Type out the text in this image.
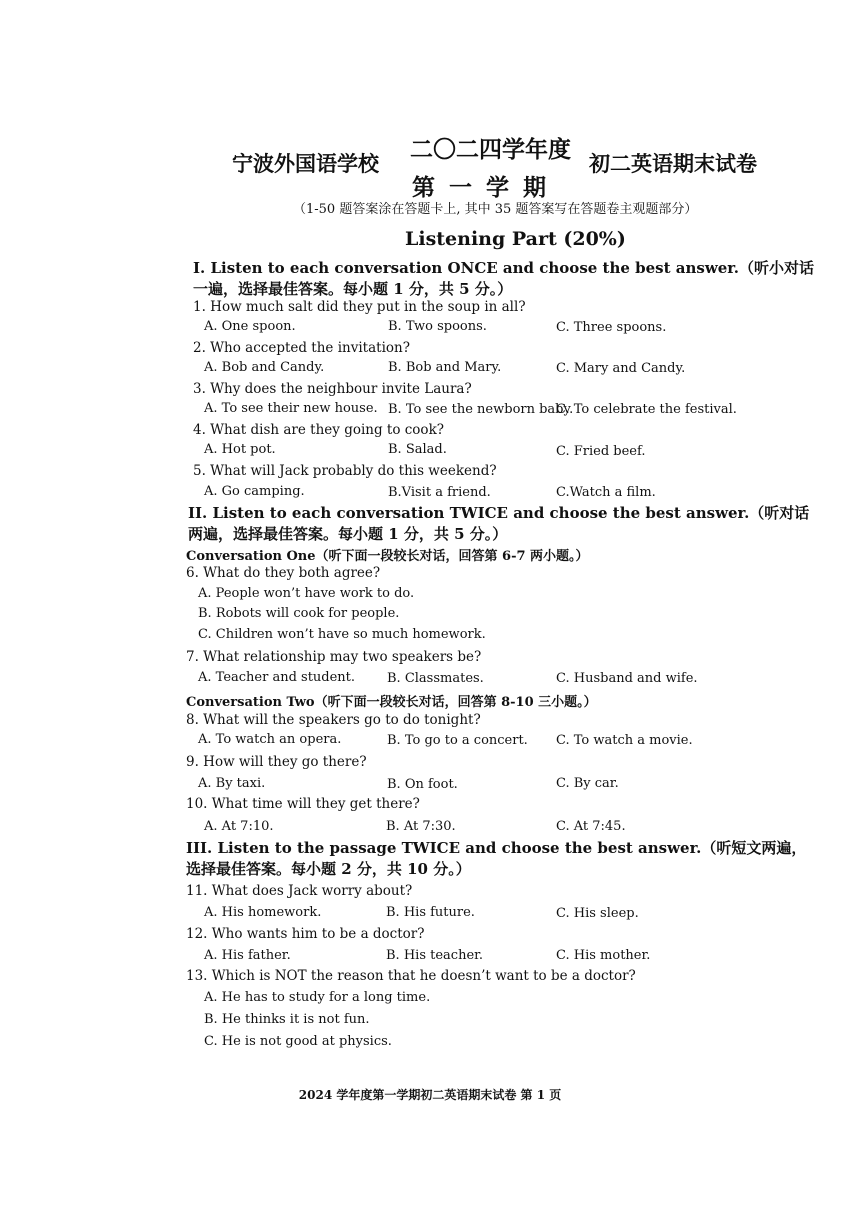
宁波外国语学校
二〇二四学年度
第一学期
初二英语期末试卷
（1-50 题答案涂在答题卡上, 其中 35 题答案写在答题卷主观题部分）
Listening Part (20%)
I. Listen to each conversation ONCE and choose the best answer.（听小对话一遍，选择最佳答案。每小题 1 分，共 5 分。）
1. How much salt did they put in the soup in all?
A. One spoon.	B. Two spoons.	C. Three spoons.
2. Who accepted the invitation?
A. Bob and Candy.	B. Bob and Mary.	C. Mary and Candy.
3. Why does the neighbour invite Laura?
A. To see their new house. B. To see the newborn baby.
C. To celebrate the festival.
4. What dish are they going to cook?
A. Hot pot.	B. Salad.	C. Fried beef.
5. What will Jack probably do this weekend?
A. Go camping.	B.Visit a friend.	C.Watch a film.
II. Listen to each conversation TWICE and choose the best answer.（听对话两遍，选择最佳答案。每小题 1 分，共 5 分。）
Conversation One（听下面一段较长对话，回答第 6-7 两小题。）
6. What do they both agree?
A. People won’t have work to do.
B. Robots will cook for people.
C. Children won’t have so much homework.
7. What relationship may two speakers be?
A. Teacher and student. B. Classmates.	C. Husband and wife.
Conversation Two（听下面一段较长对话，回答第 8-10 三小题。）
8. What will the speakers go to do tonight?
A. To watch an opera.	B. To go to a concert. C. To watch a movie.
9. How will they go there?
A. By taxi.	B. On foot.	C. By car.
10. What time will they get there?
A. At 7:10.	B. At 7:30.	C. At 7:45.
III. Listen to the passage TWICE and choose the best answer.（听短文两遍，选择最佳答案。每小题 2 分，共 10 分。）
11. What does Jack worry about?
A. His homework.	B. His future.	C. His sleep.
12. Who wants him to be a doctor?
A. His father.	B. His teacher.	C. His mother.
13. Which is NOT the reason that he doesn’t want to be a doctor?
A. He has to study for a long time.
B. He thinks it is not fun.
C. He is not good at physics.
2024 学年度第一学期初二英语期末试卷 第 1 页
